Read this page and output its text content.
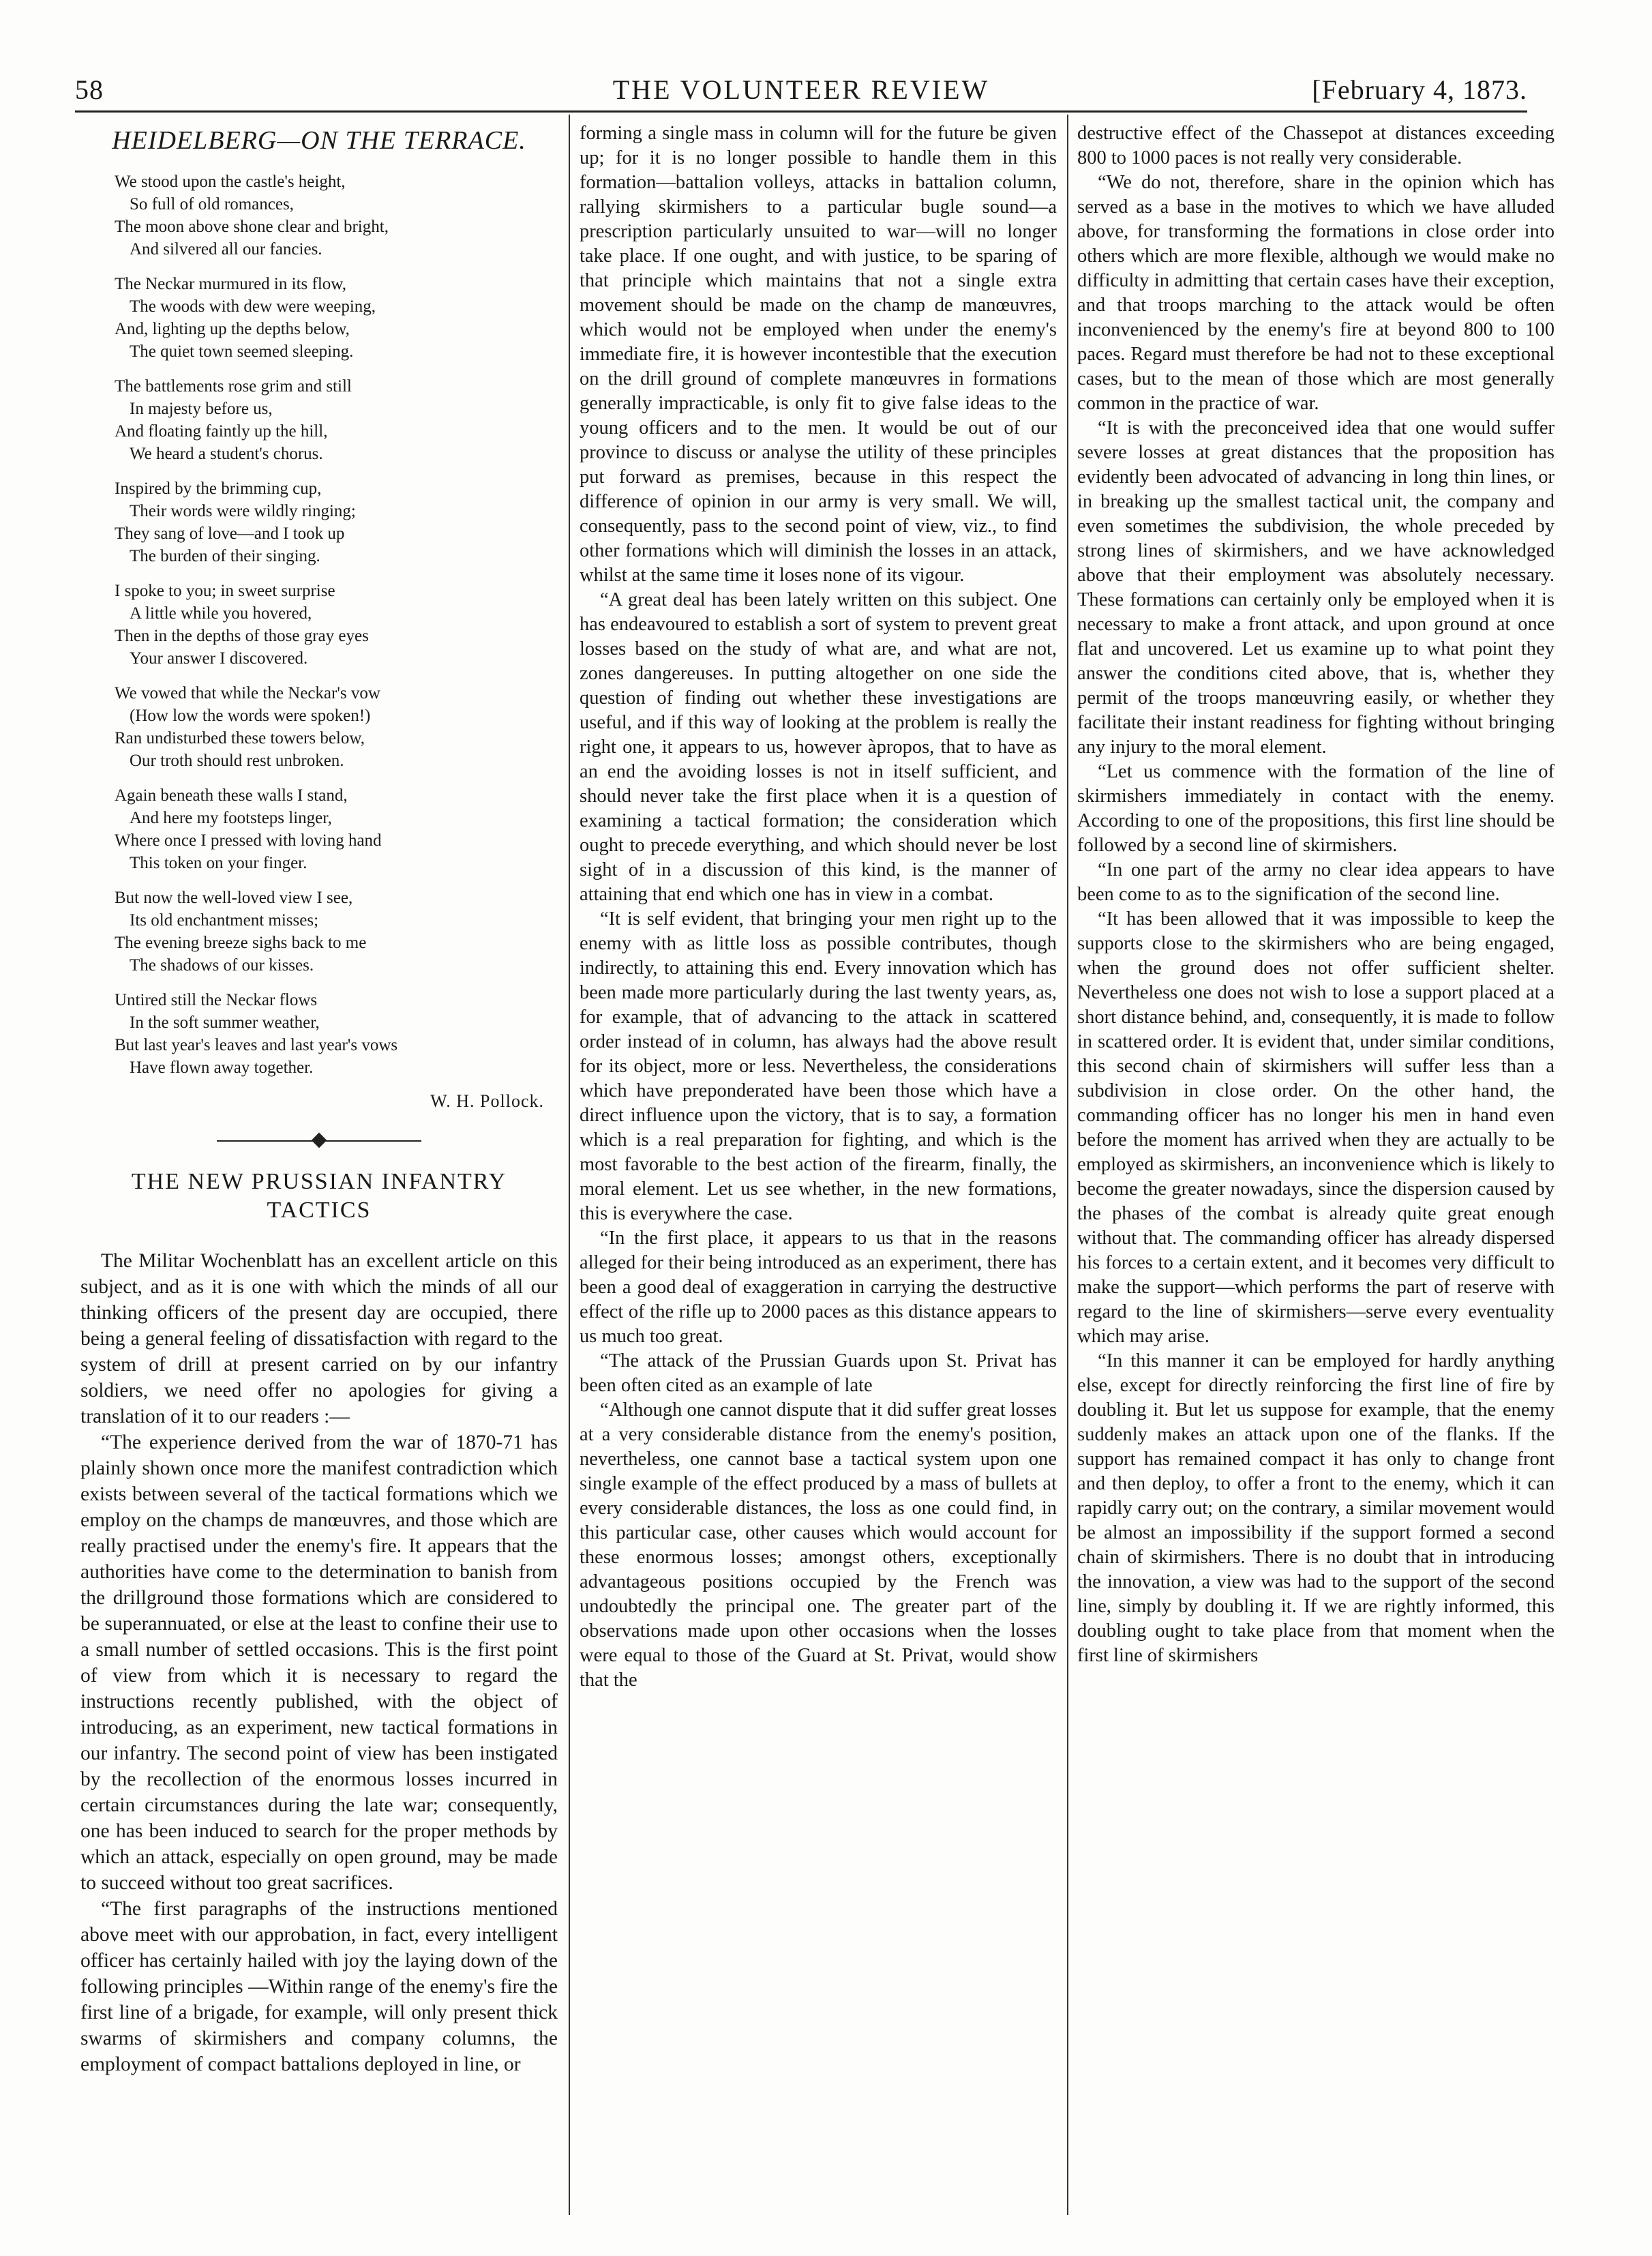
58	THE VOLUNTEER REVIEW	[February 4, 1873.
HEIDELBERG—ON THE TERRACE.
We stood upon the castle's height,
So full of old romances,
The moon above shone clear and bright,
And silvered all our fancies.
The Neckar murmured in its flow,
The woods with dew were weeping,
And, lighting up the depths below,
The quiet town seemed sleeping.
The battlements rose grim and still
In majesty before us,
And floating faintly up the hill,
We heard a student's chorus.
Inspired by the brimming cup,
Their words were wildly ringing;
They sang of love—and I took up
The burden of their singing.
I spoke to you; in sweet surprise
A little while you hovered,
Then in the depths of those gray eyes
Your answer I discovered.
We vowed that while the Neckar's vow
(How low the words were spoken!)
Ran undisturbed these towers below,
Our troth should rest unbroken.
Again beneath these walls I stand,
And here my footsteps linger,
Where once I pressed with loving hand
This token on your finger.
But now the well-loved view I see,
Its old enchantment misses;
The evening breeze sighs back to me
The shadows of our kisses.
Untired still the Neckar flows
In the soft summer weather,
But last year's leaves and last year's vows
Have flown away together.
W. H. Pollock.
THE NEW PRUSSIAN INFANTRY
TACTICS

The Militar Wochenblatt has an excellent article on this subject, and as it is one with which the minds of all our thinking officers of the present day are occupied, there being a general feeling of dissatisfaction with regard to the system of drill at present carried on by our infantry soldiers, we need offer no apologies for giving a translation of it to our readers :—

“The experience derived from the war of 1870-71 has plainly shown once more the manifest contradiction which exists between several of the tactical formations which we employ on the champs de manœuvres, and those which are really practised under the enemy's fire. It appears that the authorities have come to the determination to banish from the drillground those formations which are considered to be superannuated, or else at the least to confine their use to a small number of settled occasions. This is the first point of view from which it is necessary to regard the instructions recently published, with the object of introducing, as an experiment, new tactical formations in our infantry. The second point of view has been instigated by the recollection of the enormous losses incurred in certain circumstances during the late war; consequently, one has been induced to search for the proper methods by which an attack, especially on open ground, may be made to succeed without too great sacrifices.

“The first paragraphs of the instructions mentioned above meet with our approbation, in fact, every intelligent officer has certainly hailed with joy the laying down of the following principles —Within range of the enemy's fire the first line of a brigade, for example, will only present thick swarms of skirmishers and company columns, the employment of compact battalions deployed in line, or

forming a single mass in column will for the future be given up; for it is no longer possible to handle them in this formation—battalion volleys, attacks in battalion column, rallying skirmishers to a particular bugle sound—a prescription particularly unsuited to war—will no longer take place. If one ought, and with justice, to be sparing of that principle which maintains that not a single extra movement should be made on the champ de manœuvres, which would not be employed when under the enemy's immediate fire, it is however incontestible that the execution on the drill ground of complete manœuvres in formations generally impracticable, is only fit to give false ideas to the young officers and to the men. It would be out of our province to discuss or analyse the utility of these principles put forward as premises, because in this respect the difference of opinion in our army is very small. We will, consequently, pass to the second point of view, viz., to find other formations which will diminish the losses in an attack, whilst at the same time it loses none of its vigour.

“A great deal has been lately written on this subject. One has endeavoured to establish a sort of system to prevent great losses based on the study of what are, and what are not, zones dangereuses. In putting altogether on one side the question of finding out whether these investigations are useful, and if this way of looking at the problem is really the right one, it appears to us, however àpropos, that to have as an end the avoiding losses is not in itself sufficient, and should never take the first place when it is a question of examining a tactical formation; the consideration which ought to precede everything, and which should never be lost sight of in a discussion of this kind, is the manner of attaining that end which one has in view in a combat.

“It is self evident, that bringing your men right up to the enemy with as little loss as possible contributes, though indirectly, to attaining this end. Every innovation which has been made more particularly during the last twenty years, as, for example, that of advancing to the attack in scattered order instead of in column, has always had the above result for its object, more or less. Nevertheless, the considerations which have preponderated have been those which have a direct influence upon the victory, that is to say, a formation which is a real preparation for fighting, and which is the most favorable to the best action of the firearm, finally, the moral element. Let us see whether, in the new formations, this is everywhere the case.

“In the first place, it appears to us that in the reasons alleged for their being introduced as an experiment, there has been a good deal of exaggeration in carrying the destructive effect of the rifle up to 2000 paces as this distance appears to us much too great.

“The attack of the Prussian Guards upon St. Privat has been often cited as an example of late

“Although one cannot dispute that it did suffer great losses at a very considerable distance from the enemy's position, nevertheless, one cannot base a tactical system upon one single example of the effect produced by a mass of bullets at every considerable distances, the loss as one could find, in this particular case, other causes which would account for these enormous losses; amongst others, exceptionally advantageous positions occupied by the French was undoubtedly the principal one. The greater part of the observations made upon other occasions when the losses were equal to those of the Guard at St. Privat, would show that the

destructive effect of the Chassepot at distances exceeding 800 to 1000 paces is not really very considerable.

“We do not, therefore, share in the opinion which has served as a base in the motives to which we have alluded above, for transforming the formations in close order into others which are more flexible, although we would make no difficulty in admitting that certain cases have their exception, and that troops marching to the attack would be often inconvenienced by the enemy's fire at beyond 800 to 100 paces. Regard must therefore be had not to these exceptional cases, but to the mean of those which are most generally common in the practice of war.

“It is with the preconceived idea that one would suffer severe losses at great distances that the proposition has evidently been advocated of advancing in long thin lines, or in breaking up the smallest tactical unit, the company and even sometimes the subdivision, the whole preceded by strong lines of skirmishers, and we have acknowledged above that their employment was absolutely necessary. These formations can certainly only be employed when it is necessary to make a front attack, and upon ground at once flat and uncovered. Let us examine up to what point they answer the conditions cited above, that is, whether they permit of the troops manœuvring easily, or whether they facilitate their instant readiness for fighting without bringing any injury to the moral element.

“Let us commence with the formation of the line of skirmishers immediately in contact with the enemy. According to one of the propositions, this first line should be followed by a second line of skirmishers.

“In one part of the army no clear idea appears to have been come to as to the signification of the second line.

“It has been allowed that it was impossible to keep the supports close to the skirmishers who are being engaged, when the ground does not offer sufficient shelter. Nevertheless one does not wish to lose a support placed at a short distance behind, and, consequently, it is made to follow in scattered order. It is evident that, under similar conditions, this second chain of skirmishers will suffer less than a subdivision in close order. On the other hand, the commanding officer has no longer his men in hand even before the moment has arrived when they are actually to be employed as skirmishers, an inconvenience which is likely to become the greater nowadays, since the dispersion caused by the phases of the combat is already quite great enough without that. The commanding officer has already dispersed his forces to a certain extent, and it becomes very difficult to make the support—which performs the part of reserve with regard to the line of skirmishers—serve every eventuality which may arise.

“In this manner it can be employed for hardly anything else, except for directly reinforcing the first line of fire by doubling it. But let us suppose for example, that the enemy suddenly makes an attack upon one of the flanks. If the support has remained compact it has only to change front and then deploy, to offer a front to the enemy, which it can rapidly carry out; on the contrary, a similar movement would be almost an impossibility if the support formed a second chain of skirmishers. There is no doubt that in introducing the innovation, a view was had to the support of the second line, simply by doubling it. If we are rightly informed, this doubling ought to take place from that moment when the first line of skirmishers
